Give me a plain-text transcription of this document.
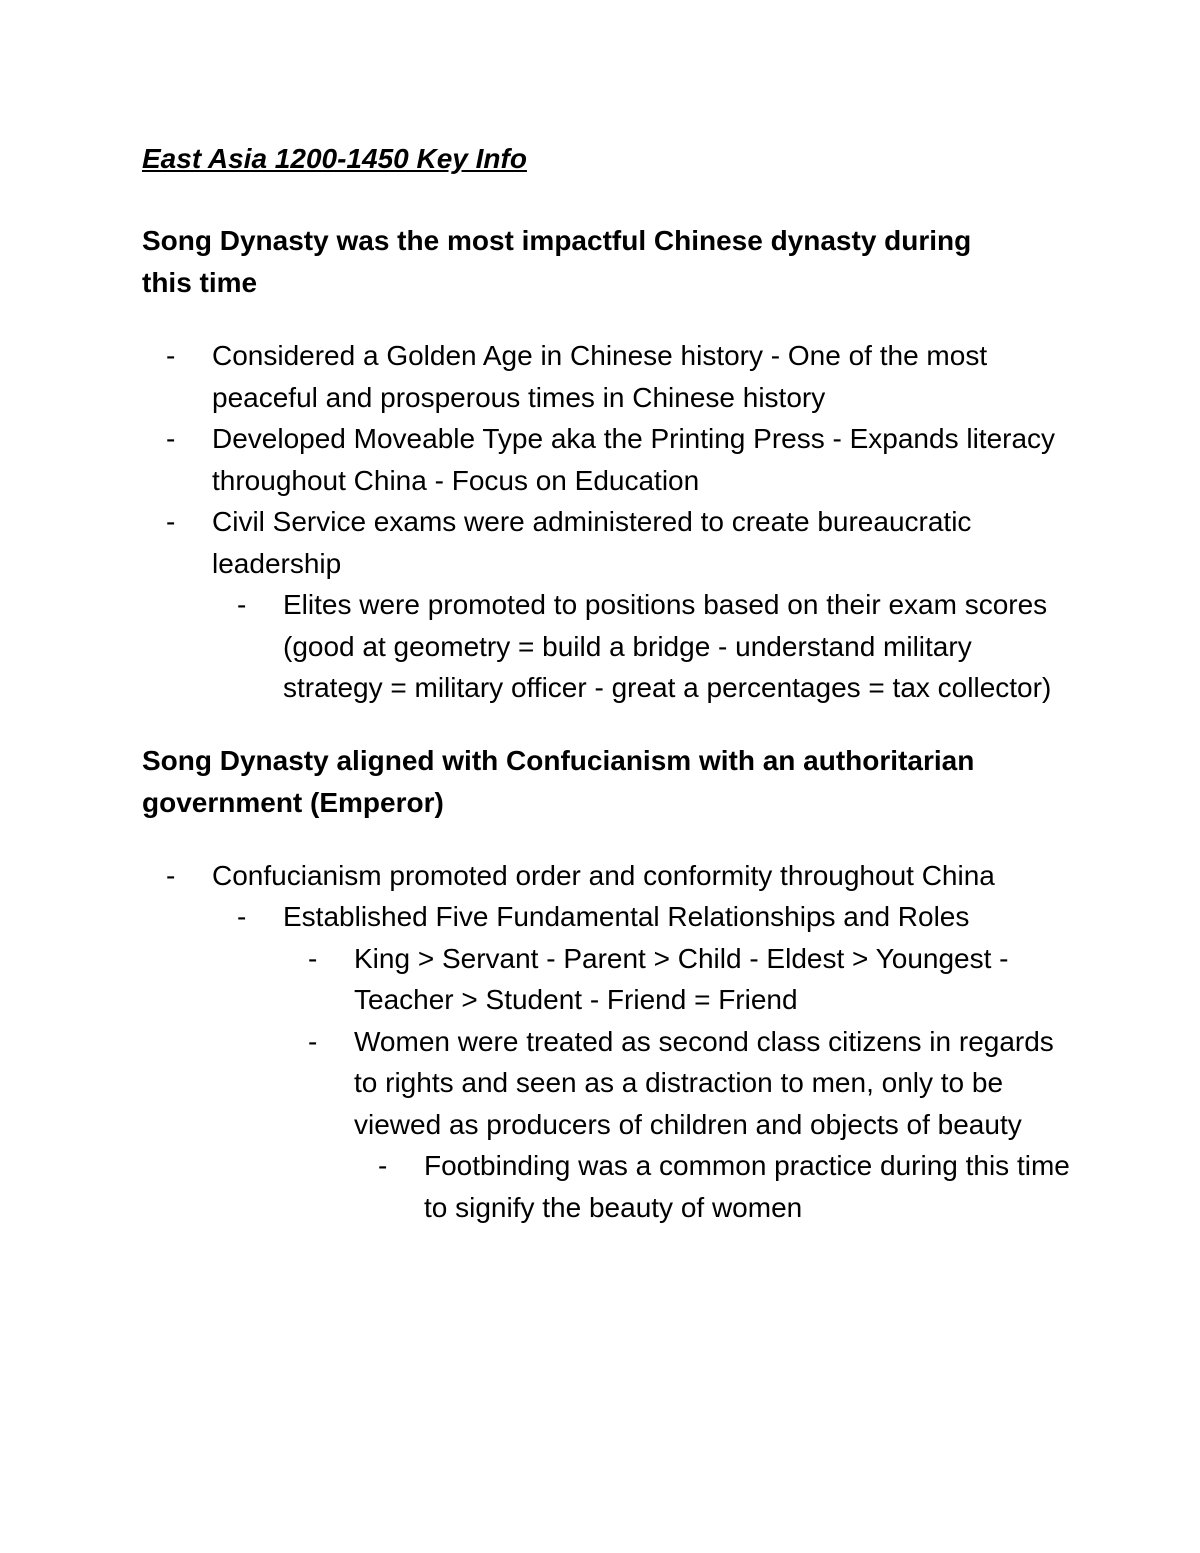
East Asia 1200-1450 Key Info

Song Dynasty was the most impactful Chinese dynasty during this time

- Considered a Golden Age in Chinese history - One of the most peaceful and prosperous times in Chinese history
- Developed Moveable Type aka the Printing Press - Expands literacy throughout China - Focus on Education
- Civil Service exams were administered to create bureaucratic leadership
- Elites were promoted to positions based on their exam scores (good at geometry = build a bridge - understand military strategy = military officer - great a percentages = tax collector)

Song Dynasty aligned with Confucianism with an authoritarian government (Emperor)

- Confucianism promoted order and conformity throughout China
- Established Five Fundamental Relationships and Roles
- King > Servant - Parent > Child - Eldest > Youngest - Teacher > Student - Friend = Friend
- Women were treated as second class citizens in regards to rights and seen as a distraction to men, only to be viewed as producers of children and objects of beauty
- Footbinding was a common practice during this time to signify the beauty of women
